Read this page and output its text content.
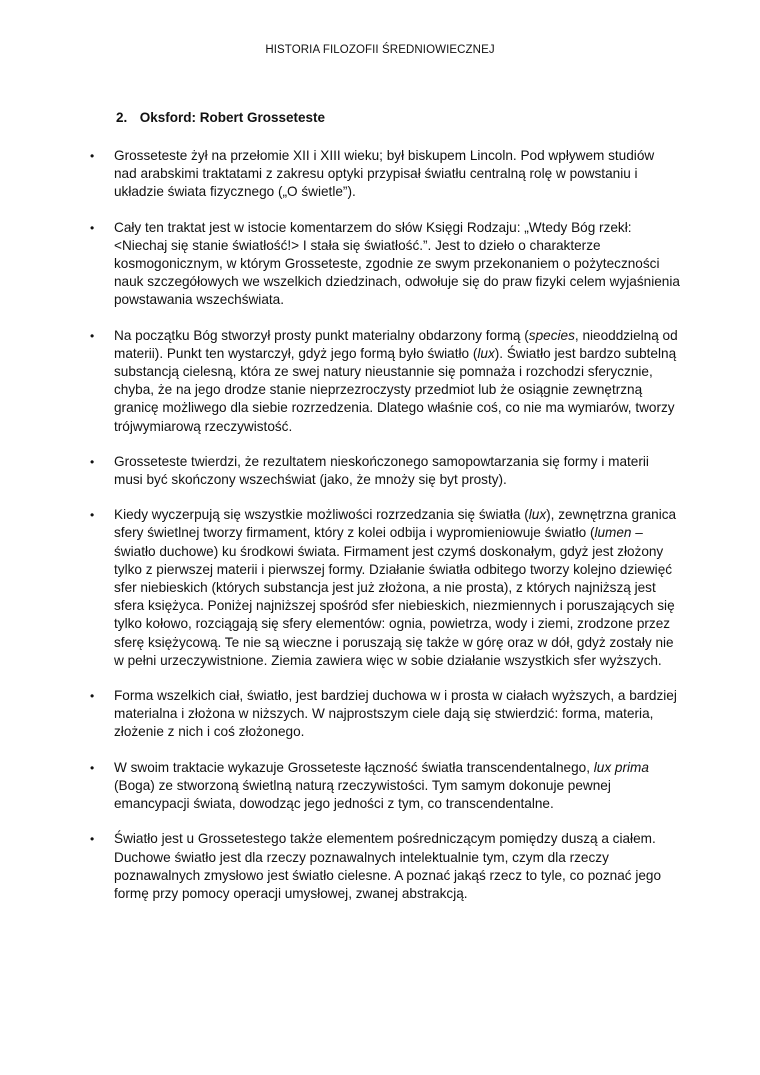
HISTORIA FILOZOFII ŚREDNIOWIECZNEJ
2. Oksford: Robert Grosseteste
•	Grosseteste żył na przełomie XII i XIII wieku; był biskupem Lincoln. Pod wpływem studiów nad arabskimi traktatami z zakresu optyki przypisał światłu centralną rolę w powstaniu i układzie świata fizycznego („O świetle”).
•	Cały ten traktat jest w istocie komentarzem do słów Księgi Rodzaju: „Wtedy Bóg rzekł: <Niechaj się stanie światłość!> I stała się światłość.”. Jest to dzieło o charakterze kosmogonicznym, w którym Grosseteste, zgodnie ze swym przekonaniem o pożyteczności nauk szczegółowych we wszelkich dziedzinach, odwołuje się do praw fizyki celem wyjaśnienia powstawania wszechświata.
•	Na początku Bóg stworzył prosty punkt materialny obdarzony formą (species, nieoddzielną od materii). Punkt ten wystarczył, gdyż jego formą było światło (lux). Światło jest bardzo subtelną substancją cielesną, która ze swej natury nieustannie się pomnaża i rozchodzi sferycznie, chyba, że na jego drodze stanie nieprzezroczysty przedmiot lub że osiągnie zewnętrzną granicę możliwego dla siebie rozrzedzenia. Dlatego właśnie coś, co nie ma wymiarów, tworzy trójwymiarową rzeczywistość.
•	Grosseteste twierdzi, że rezultatem nieskończonego samopowtarzania się formy i materii musi być skończony wszechświat (jako, że mnoży się byt prosty).
•	Kiedy wyczerpują się wszystkie możliwości rozrzedzania się światła (lux), zewnętrzna granica sfery świetlnej tworzy firmament, który z kolei odbija i wypromieniowuje światło (lumen – światło duchowe) ku środkowi świata. Firmament jest czymś doskonałym, gdyż jest złożony tylko z pierwszej materii i pierwszej formy. Działanie światła odbitego tworzy kolejno dziewięć sfer niebieskich (których substancja jest już złożona, a nie prosta), z których najniższą jest sfera księżyca. Poniżej najniższej spośród sfer niebieskich, niezmiennych i poruszających się tylko kołowo, rozciągają się sfery elementów: ognia, powietrza, wody i ziemi, zrodzone przez sferę księżycową. Te nie są wieczne i poruszają się także w górę oraz w dół, gdyż zostały nie w pełni urzeczywistnione. Ziemia zawiera więc w sobie działanie wszystkich sfer wyższych.
•	Forma wszelkich ciał, światło, jest bardziej duchowa w i prosta w ciałach wyższych, a bardziej materialna i złożona w niższych. W najprostszym ciele dają się stwierdzić: forma, materia, złożenie z nich i coś złożonego.
•	W swoim traktacie wykazuje Grosseteste łączność światła transcendentalnego, lux prima (Boga) ze stworzoną świetlną naturą rzeczywistości. Tym samym dokonuje pewnej emancypacji świata, dowodząc jego jedności z tym, co transcendentalne.
•	Światło jest u Grossetestego także elementem pośredniczącym pomiędzy duszą a ciałem. Duchowe światło jest dla rzeczy poznawalnych intelektualnie tym, czym dla rzeczy poznawalnych zmysłowo jest światło cielesne. A poznać jakąś rzecz to tyle, co poznać jego formę przy pomocy operacji umysłowej, zwanej abstrakcją.
